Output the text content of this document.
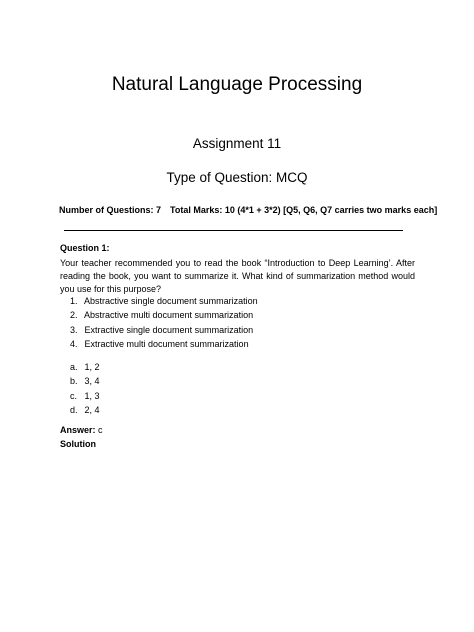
Natural Language Processing
Assignment 11
Type of Question: MCQ
Number of Questions: 7 Total Marks: 10 (4*1 + 3*2) [Q5, Q6, Q7 carries two marks each]
Question 1:
Your teacher recommended you to read the book “Introduction to Deep Learning’. After reading the book, you want to summarize it. What kind of summarization method would you use for this purpose?
1. Abstractive single document summarization
2. Abstractive multi document summarization
3. Extractive single document summarization
4. Extractive multi document summarization
a. 1, 2
b. 3, 4
c. 1, 3
d. 2, 4
Answer: c
Solution
